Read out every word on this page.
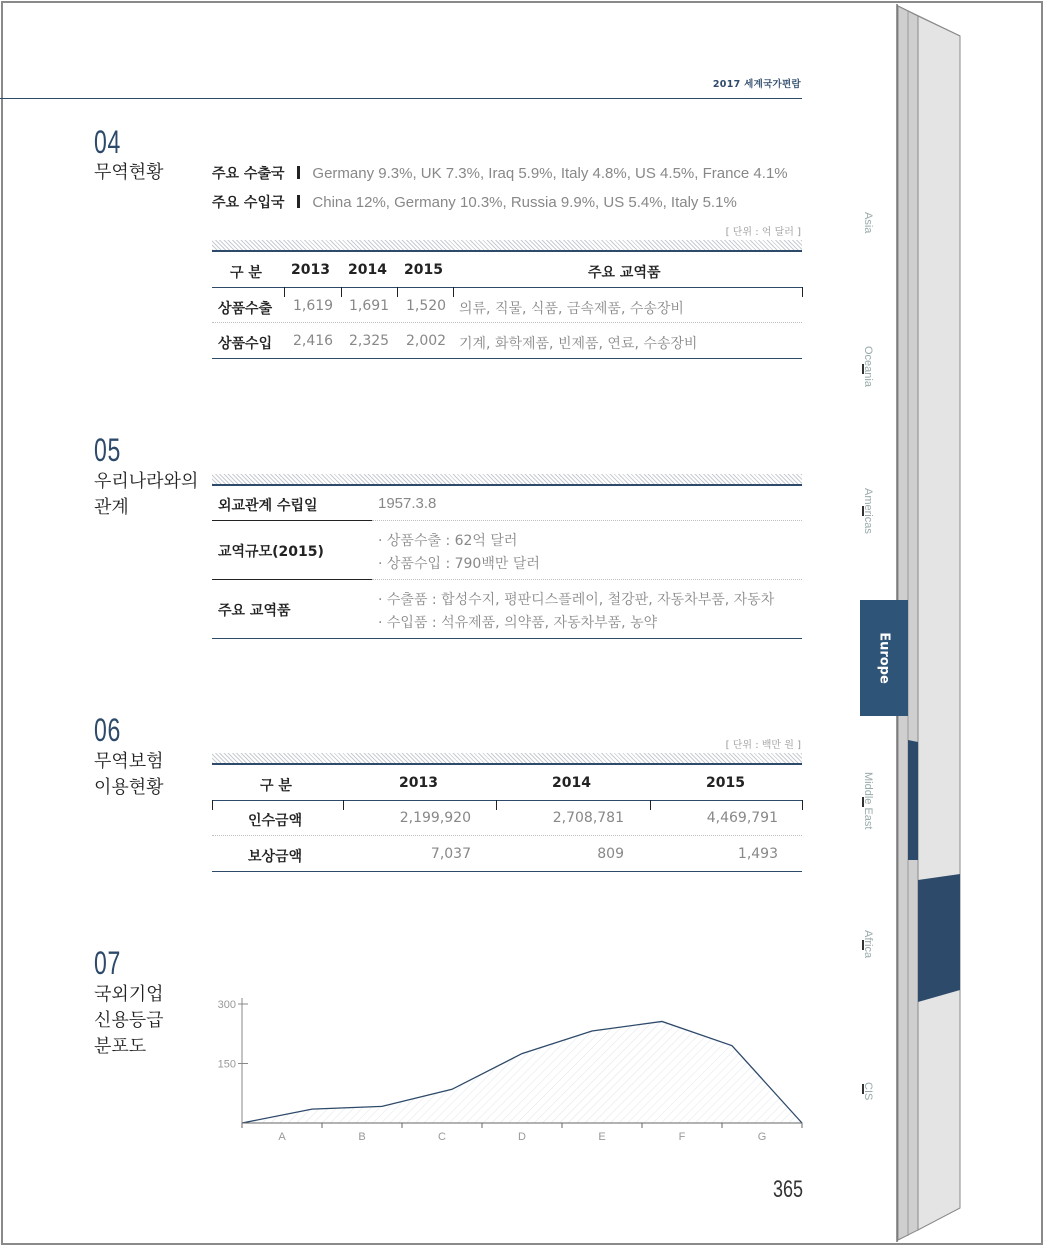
2017 세계국가편람
Asia
Oceania
Americas
Europe
Middle East
Africa
CIS
04
무역현황	주요 수출국 Germany 9.3%, UK 7.3%, Iraq 5.9%, Italy 4.8%, US 4.5%, France 4.1%
주요 수입국 China 12%, Germany 10.3%, Russia 9.9%, US 5.4%, Italy 5.1%
[ 단위 : 억 달러 ]
구 분 2013 2014 2015	주요 교역품
상품수출 1,619 1,691 1,520 의류, 직물, 식품, 금속제품, 수송장비
상품수입 2,416 2,325 2,002 기계, 화학제품, 빈제품, 연료, 수송장비
05
우리나라와의
관계	외교관계 수립일	1957.3.8
교역규모(2015)
· 상품수출 : 62억 달러
· 상품수입 : 790백만 달러
주요 교역품
· 수출품 : 합성수지, 평판디스플레이, 철강판, 자동차부품, 자동차
· 수입품 : 석유제품, 의약품, 자동차부품, 농약
06
무역보험
이용현황
[ 단위 : 백만 원 ]
구 분	2013	2014	2015
인수금액	2,199,920	2,708,781	4,469,791
보상금액	7,037	809	1,493
07
국외기업
신용등급
분포도
150
300
A	B	C	D	E	F	G
365
